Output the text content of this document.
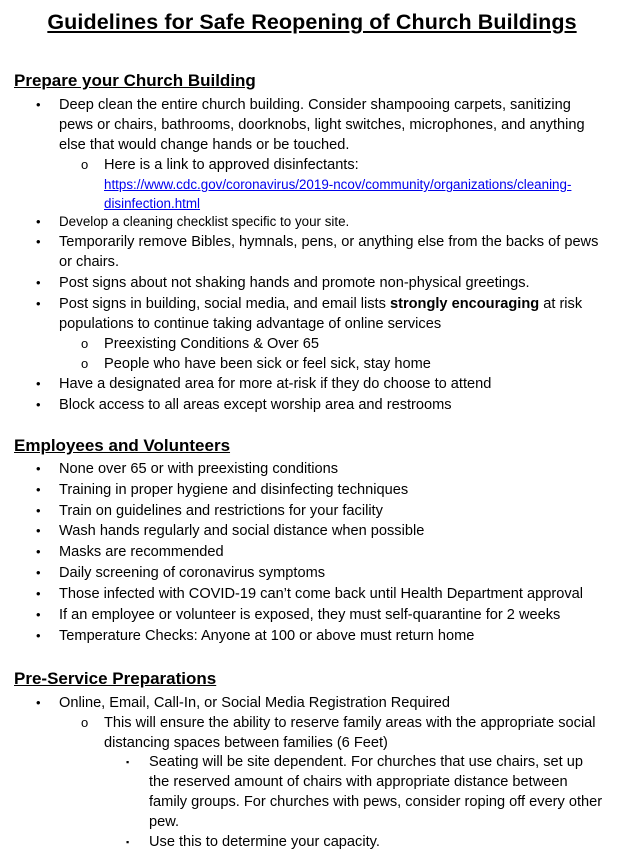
Guidelines for Safe Reopening of Church Buildings
Prepare your Church Building
• Deep clean the entire church building. Consider shampooing carpets, sanitizing pews or chairs, bathrooms, doorknobs, light switches, microphones, and anything else that would change hands or be touched.
o Here is a link to approved disinfectants:
https://www.cdc.gov/coronavirus/2019-ncov/community/organizations/cleaning-disinfection.html
• Develop a cleaning checklist specific to your site.
• Temporarily remove Bibles, hymnals, pens, or anything else from the backs of pews or chairs.
• Post signs about not shaking hands and promote non-physical greetings.
• Post signs in building, social media, and email lists strongly encouraging at risk populations to continue taking advantage of online services
o Preexisting Conditions & Over 65
o People who have been sick or feel sick, stay home
• Have a designated area for more at-risk if they do choose to attend
• Block access to all areas except worship area and restrooms
Employees and Volunteers
• None over 65 or with preexisting conditions
• Training in proper hygiene and disinfecting techniques
• Train on guidelines and restrictions for your facility
• Wash hands regularly and social distance when possible
• Masks are recommended
• Daily screening of coronavirus symptoms
• Those infected with COVID-19 can’t come back until Health Department approval
• If an employee or volunteer is exposed, they must self-quarantine for 2 weeks
• Temperature Checks: Anyone at 100 or above must return home
Pre-Service Preparations
• Online, Email, Call-In, or Social Media Registration Required
o This will ensure the ability to reserve family areas with the appropriate social distancing spaces between families (6 Feet)
▪ Seating will be site dependent. For churches that use chairs, set up the reserved amount of chairs with appropriate distance between family groups. For churches with pews, consider roping off every other pew.
▪ Use this to determine your capacity.
